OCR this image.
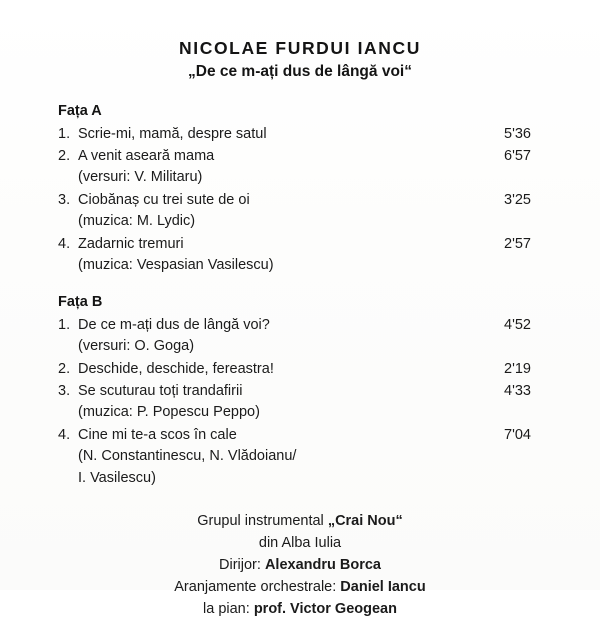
NICOLAE FURDUI IANCU
„De ce m-ați dus de lângă voi“
Fața A
1. Scrie-mi, mamă, despre satul	5'36
2. A venit aseară mama	6'57
(versuri: V. Militaru)
3. Ciobănaș cu trei sute de oi	3'25
(muzica: M. Lydic)
4. Zadarnic tremuri	2'57
(muzica: Vespasian Vasilescu)
Fața B
1. De ce m-ați dus de lângă voi?	4'52
(versuri: O. Goga)
2. Deschide, deschide, fereastra!	2'19
3. Se scuturau toți trandafirii	4'33
(muzica: P. Popescu Peppo)
4. Cine mi te-a scos în cale	7'04
(N. Constantinescu, N. Vlădoianu/
I. Vasilescu)
Grupul instrumental „Crai Nou“
din Alba Iulia
Dirijor: Alexandru Borca
Aranjamente orchestrale: Daniel Iancu
la pian: prof. Victor Geogean
